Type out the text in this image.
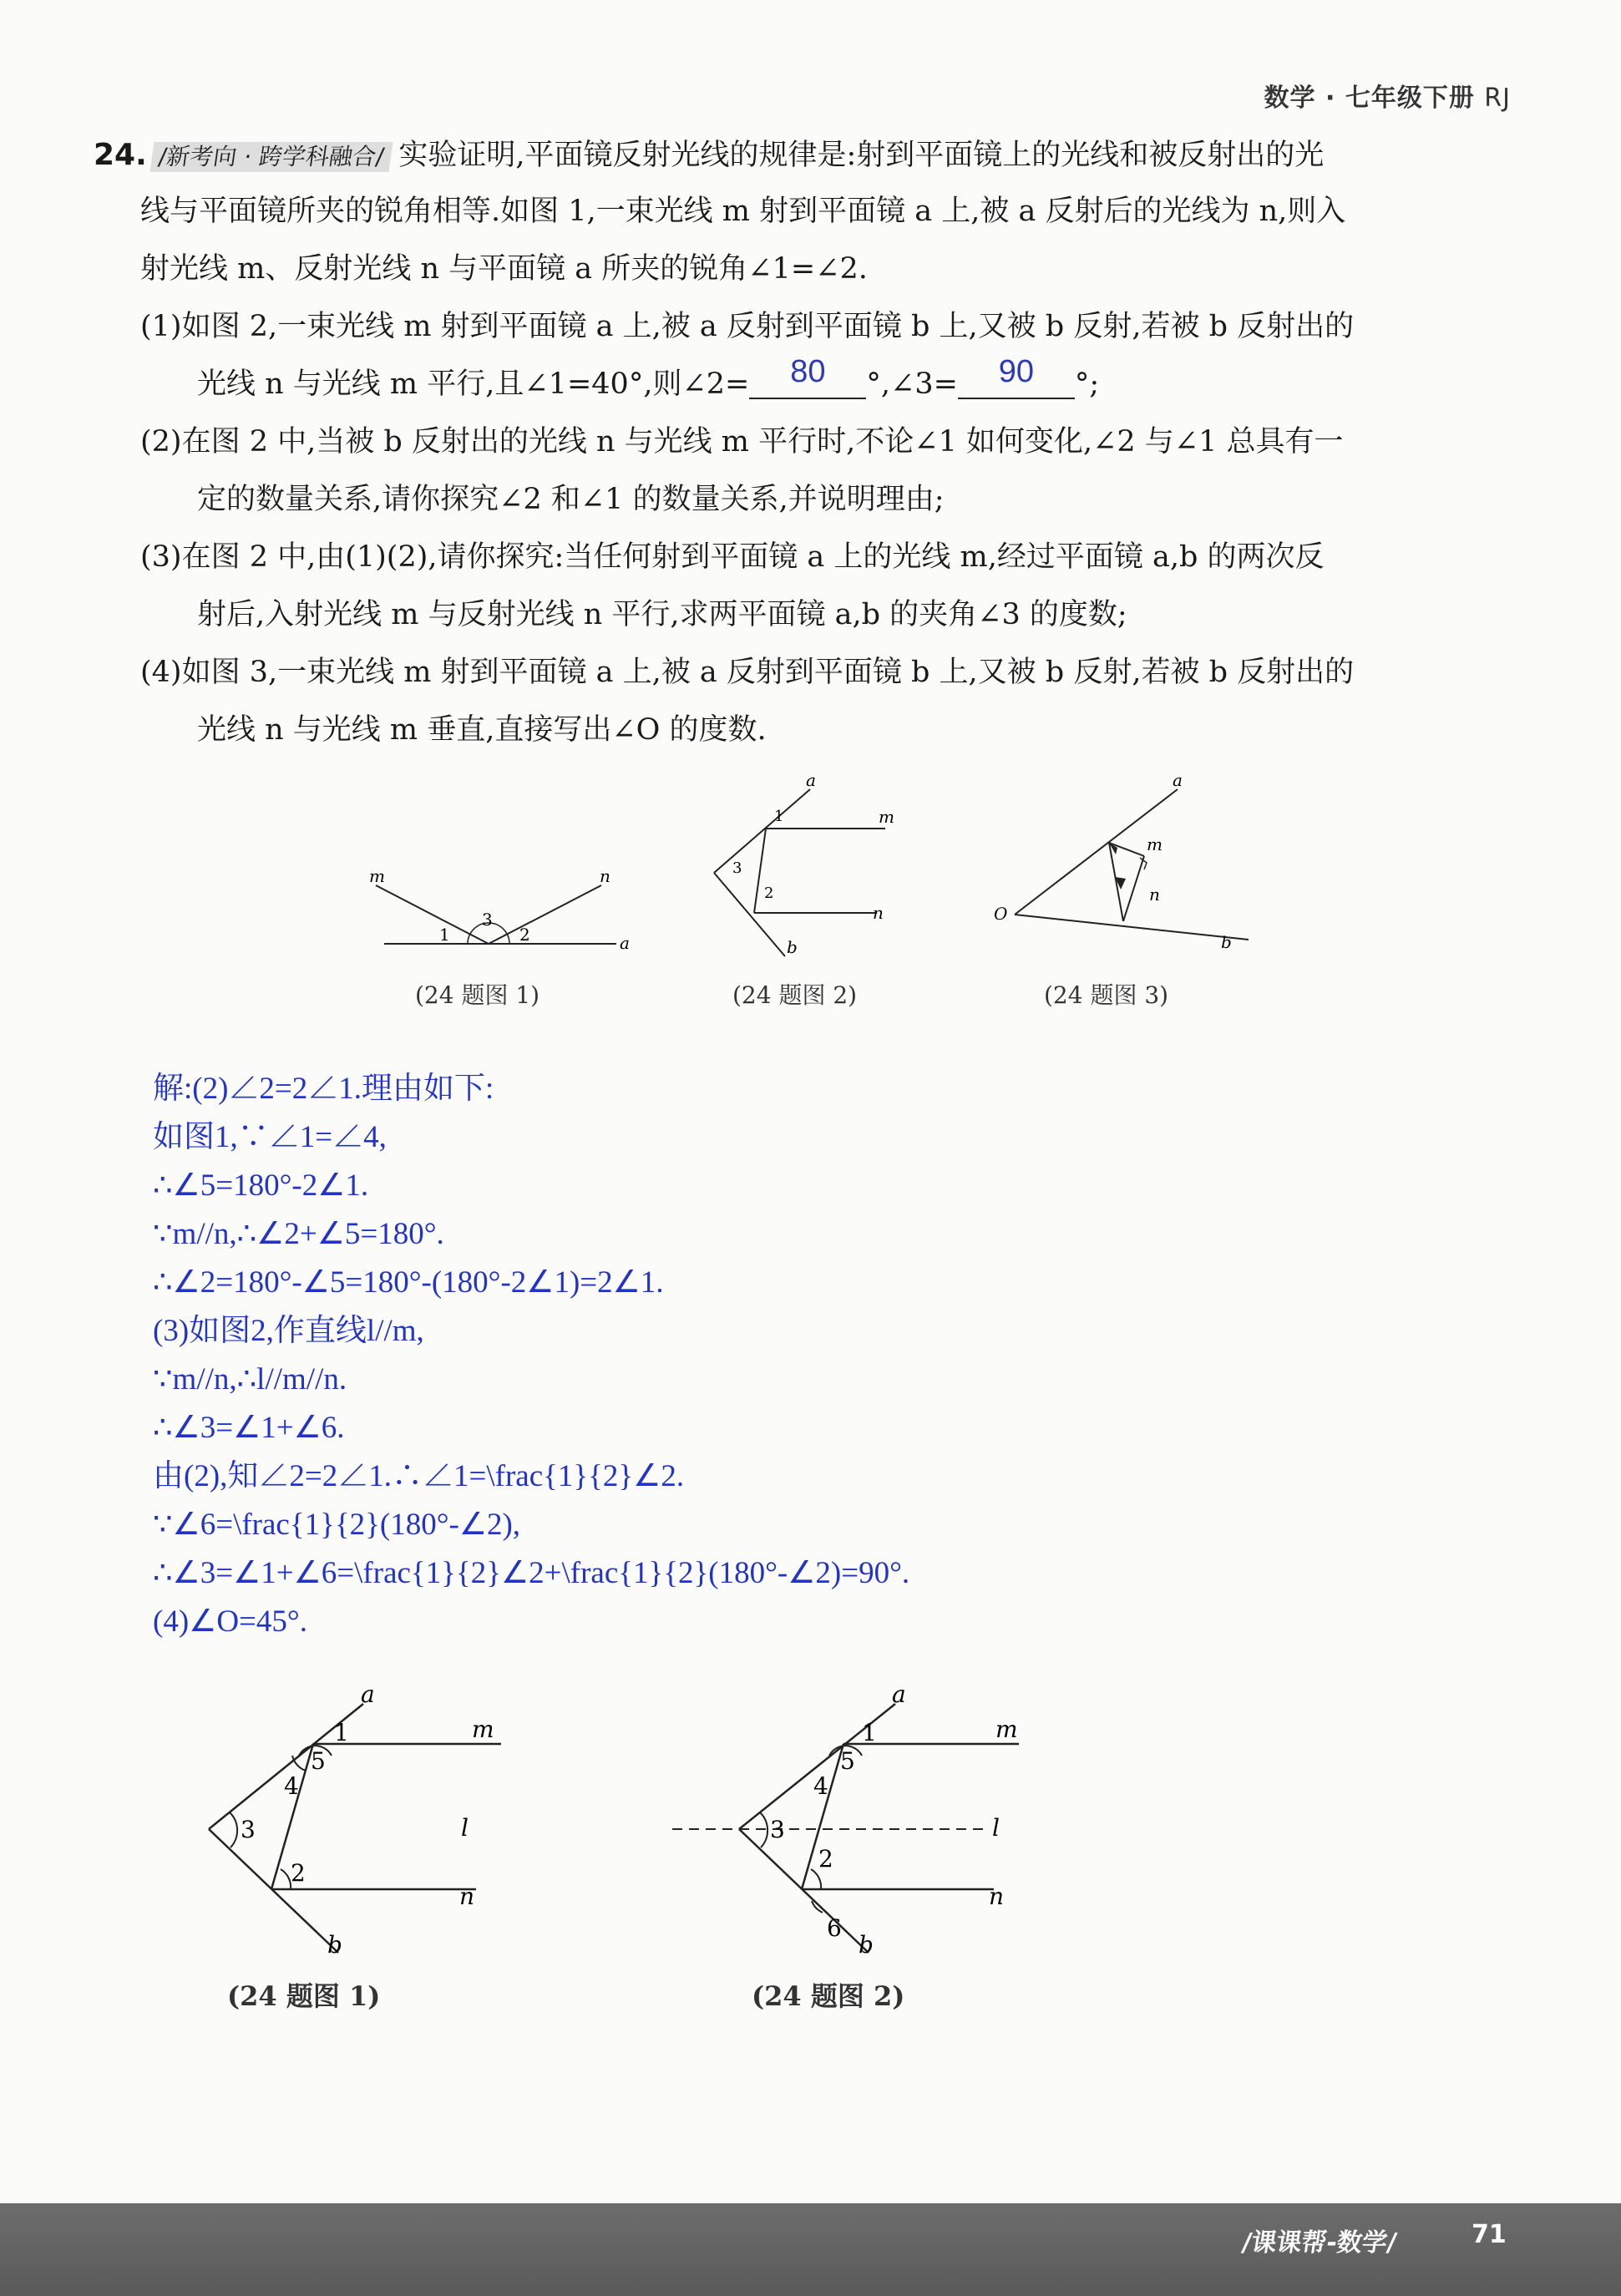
数学 · 七年级下册 RJ
24. /新考向 · 跨学科融合/ 实验证明,平面镜反射光线的规律是:射到平面镜上的光线和被反射出的光
线与平面镜所夹的锐角相等.如图 1,一束光线 m 射到平面镜 a 上,被 a 反射后的光线为 n,则入
射光线 m、反射光线 n 与平面镜 a 所夹的锐角∠1=∠2.
(1)如图 2,一束光线 m 射到平面镜 a 上,被 a 反射到平面镜 b 上,又被 b 反射,若被 b 反射出的
光线 n 与光线 m 平行,且∠1=40°,则∠2=	80	°,∠3=	90	°;
(2)在图 2 中,当被 b 反射出的光线 n 与光线 m 平行时,不论∠1 如何变化,∠2 与∠1 总具有一
定的数量关系,请你探究∠2 和∠1 的数量关系,并说明理由;
(3)在图 2 中,由(1)(2),请你探究:当任何射到平面镜 a 上的光线 m,经过平面镜 a,b 的两次反
射后,入射光线 m 与反射光线 n 平行,求两平面镜 a,b 的夹角∠3 的度数;
(4)如图 3,一束光线 m 射到平面镜 a 上,被 a 反射到平面镜 b 上,又被 b 反射,若被 b 反射出的
光线 n 与光线 m 垂直,直接写出∠O 的度数.
m	n
a
1
3
2
(24 题图 1)
a
m
n
b
1
2
3
(24 题图 2)
a
m
n
O
b
(24 题图 3)
解:(2)∠2=2∠1.理由如下:
如图1,∵∠1=∠4,
∴∠5=180°-2∠1.
∵m//n,∴∠2+∠5=180°.
∴∠2=180°-∠5=180°-(180°-2∠1)=2∠1.
(3)如图2,作直线l//m,
∵m//n,∴l//m//n.
∴∠3=∠1+∠6.
由(2),知∠2=2∠1.∴∠1=\frac{1}{2}∠2.
∵∠6=\frac{1}{2}(180°-∠2),
∴∠3=∠1+∠6=\frac{1}{2}∠2+\frac{1}{2}(180°-∠2)=90°.
(4)∠O=45°.
a
m
n
l
b
1
5
4
3
2
(24 题图 1)
a
m
l
n
b
1
5
4
3
2
6
(24 题图 2)
/课课帮-数学/	71
